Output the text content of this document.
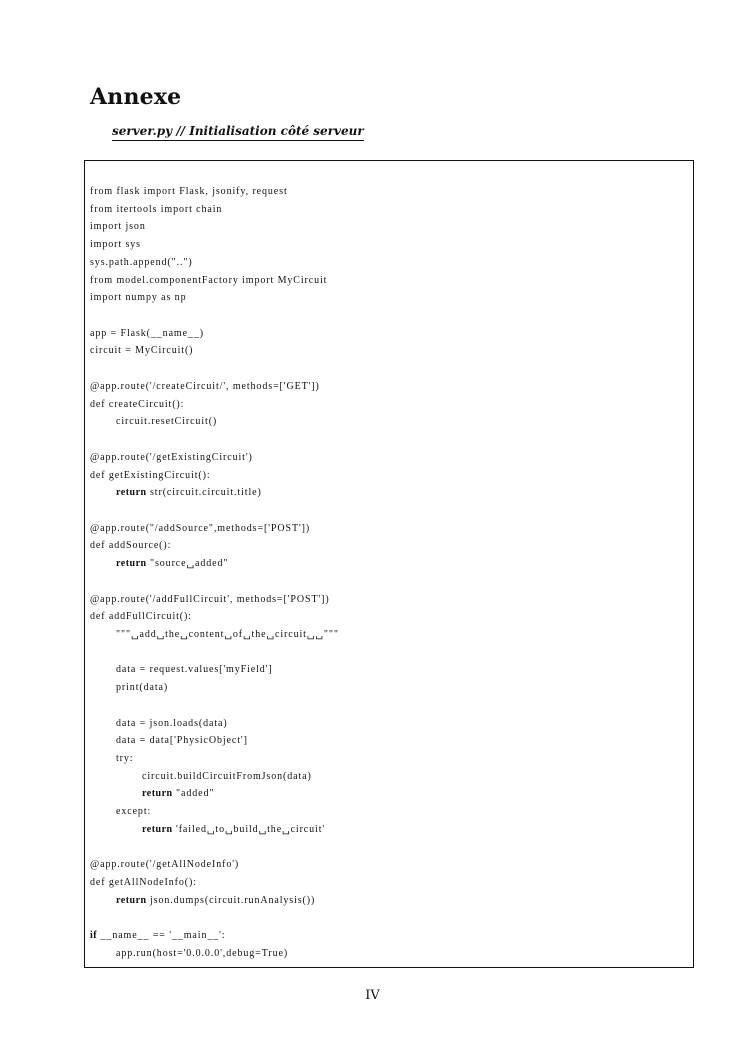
Annexe
server.py // Initialisation côté serveur
from flask import Flask, jsonify, request
from itertools import chain
import json
import sys
sys.path.append("..")
from model.componentFactory import MyCircuit
import numpy as np
app = Flask(__name__)
circuit = MyCircuit()
@app.route('/createCircuit/', methods=['GET'])
def createCircuit():
circuit.resetCircuit()
@app.route('/getExistingCircuit')
def getExistingCircuit():
return str(circuit.circuit.title)
@app.route("/addSource",methods=['POST'])
def addSource():
return "source␣added"
@app.route('/addFullCircuit', methods=['POST'])
def addFullCircuit():
"""␣add␣the␣content␣of␣the␣circuit␣␣"""
data = request.values['myField']
print(data)
data = json.loads(data)
data = data['PhysicObject']
try:
circuit.buildCircuitFromJson(data)
return "added"
except:
return 'failed␣to␣build␣the␣circuit'
@app.route('/getAllNodeInfo')
def getAllNodeInfo():
return json.dumps(circuit.runAnalysis())
if __name__ == '__main__':
app.run(host='0.0.0.0',debug=True)
IV
